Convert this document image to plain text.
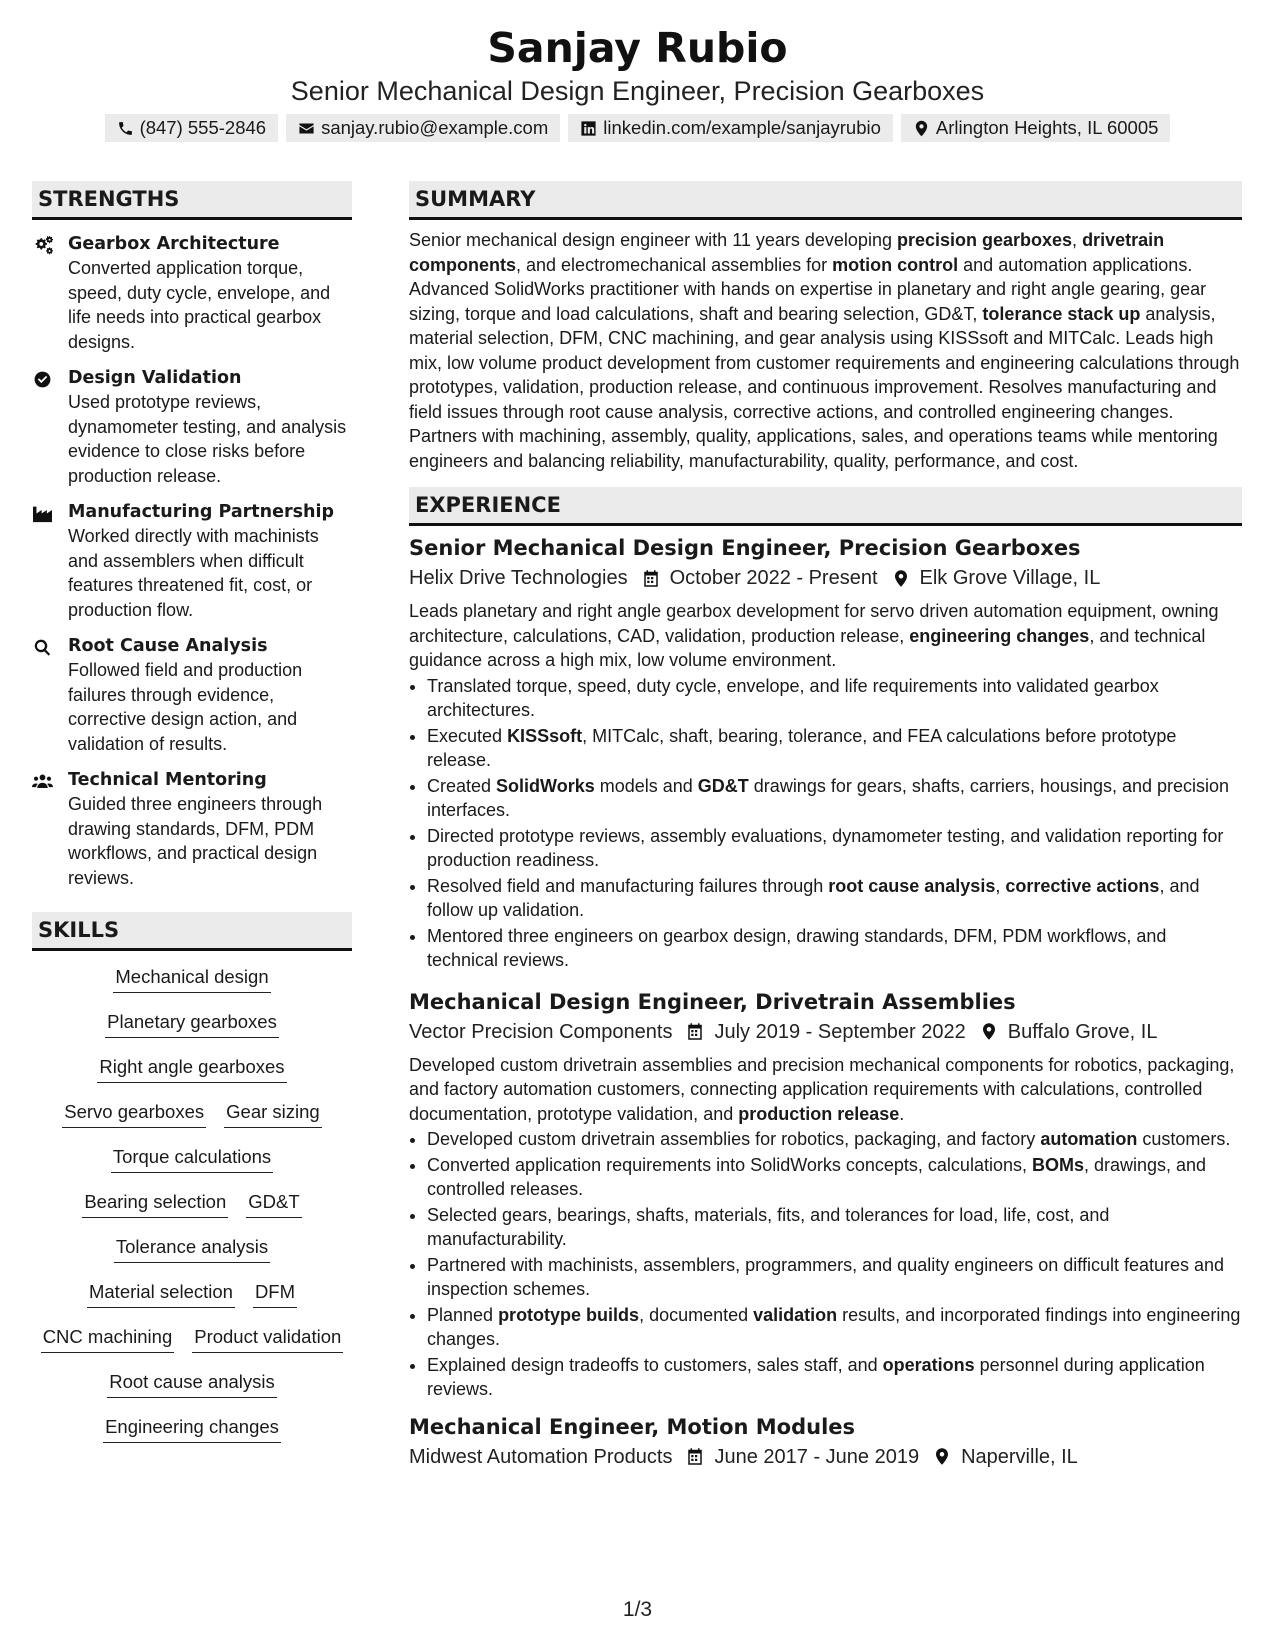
Sanjay Rubio
Senior Mechanical Design Engineer, Precision Gearboxes
(847) 555-2846	sanjay.rubio@example.com	linkedin.com/example/sanjayrubio	Arlington Heights, IL 60005
STRENGTHS
Gearbox Architecture
Converted application torque, speed, duty cycle, envelope, and life needs into practical gearbox designs.
Design Validation
Used prototype reviews, dynamometer testing, and analysis evidence to close risks before production release.
Manufacturing Partnership
Worked directly with machinists and assemblers when difficult features threatened fit, cost, or production flow.
Root Cause Analysis
Followed field and production failures through evidence, corrective design action, and validation of results.
Technical Mentoring
Guided three engineers through drawing standards, DFM, PDM workflows, and practical design reviews.
SKILLS
Mechanical design
Planetary gearboxes
Right angle gearboxes
Servo gearboxes Gear sizing
Torque calculations
Bearing selection GD&T
Tolerance analysis
Material selection DFM
CNC machining Product validation
Root cause analysis
Engineering changes
SUMMARY
Senior mechanical design engineer with 11 years developing precision gearboxes, drivetrain components, and electromechanical assemblies for motion control and automation applications. Advanced SolidWorks practitioner with hands on expertise in planetary and right angle gearing, gear sizing, torque and load calculations, shaft and bearing selection, GD&T, tolerance stack up analysis, material selection, DFM, CNC machining, and gear analysis using KISSsoft and MITCalc. Leads high mix, low volume product development from customer requirements and engineering calculations through prototypes, validation, production release, and continuous improvement. Resolves manufacturing and field issues through root cause analysis, corrective actions, and controlled engineering changes. Partners with machining, assembly, quality, applications, sales, and operations teams while mentoring engineers and balancing reliability, manufacturability, quality, performance, and cost.
EXPERIENCE
Senior Mechanical Design Engineer, Precision Gearboxes
Helix Drive Technologies October 2022 - Present Elk Grove Village, IL
Leads planetary and right angle gearbox development for servo driven automation equipment, owning architecture, calculations, CAD, validation, production release, engineering changes, and technical guidance across a high mix, low volume environment.
• Translated torque, speed, duty cycle, envelope, and life requirements into validated gearbox architectures.
• Executed KISSsoft, MITCalc, shaft, bearing, tolerance, and FEA calculations before prototype release.
• Created SolidWorks models and GD&T drawings for gears, shafts, carriers, housings, and precision interfaces.
• Directed prototype reviews, assembly evaluations, dynamometer testing, and validation reporting for production readiness.
• Resolved field and manufacturing failures through root cause analysis, corrective actions, and follow up validation.
• Mentored three engineers on gearbox design, drawing standards, DFM, PDM workflows, and technical reviews.
Mechanical Design Engineer, Drivetrain Assemblies
Vector Precision Components July 2019 - September 2022 Buffalo Grove, IL
Developed custom drivetrain assemblies and precision mechanical components for robotics, packaging, and factory automation customers, connecting application requirements with calculations, controlled documentation, prototype validation, and production release.
• Developed custom drivetrain assemblies for robotics, packaging, and factory automation customers.
• Converted application requirements into SolidWorks concepts, calculations, BOMs, drawings, and controlled releases.
• Selected gears, bearings, shafts, materials, fits, and tolerances for load, life, cost, and manufacturability.
• Partnered with machinists, assemblers, programmers, and quality engineers on difficult features and inspection schemes.
• Planned prototype builds, documented validation results, and incorporated findings into engineering changes.
• Explained design tradeoffs to customers, sales staff, and operations personnel during application reviews.
Mechanical Engineer, Motion Modules
Midwest Automation Products June 2017 - June 2019 Naperville, IL
1/3
